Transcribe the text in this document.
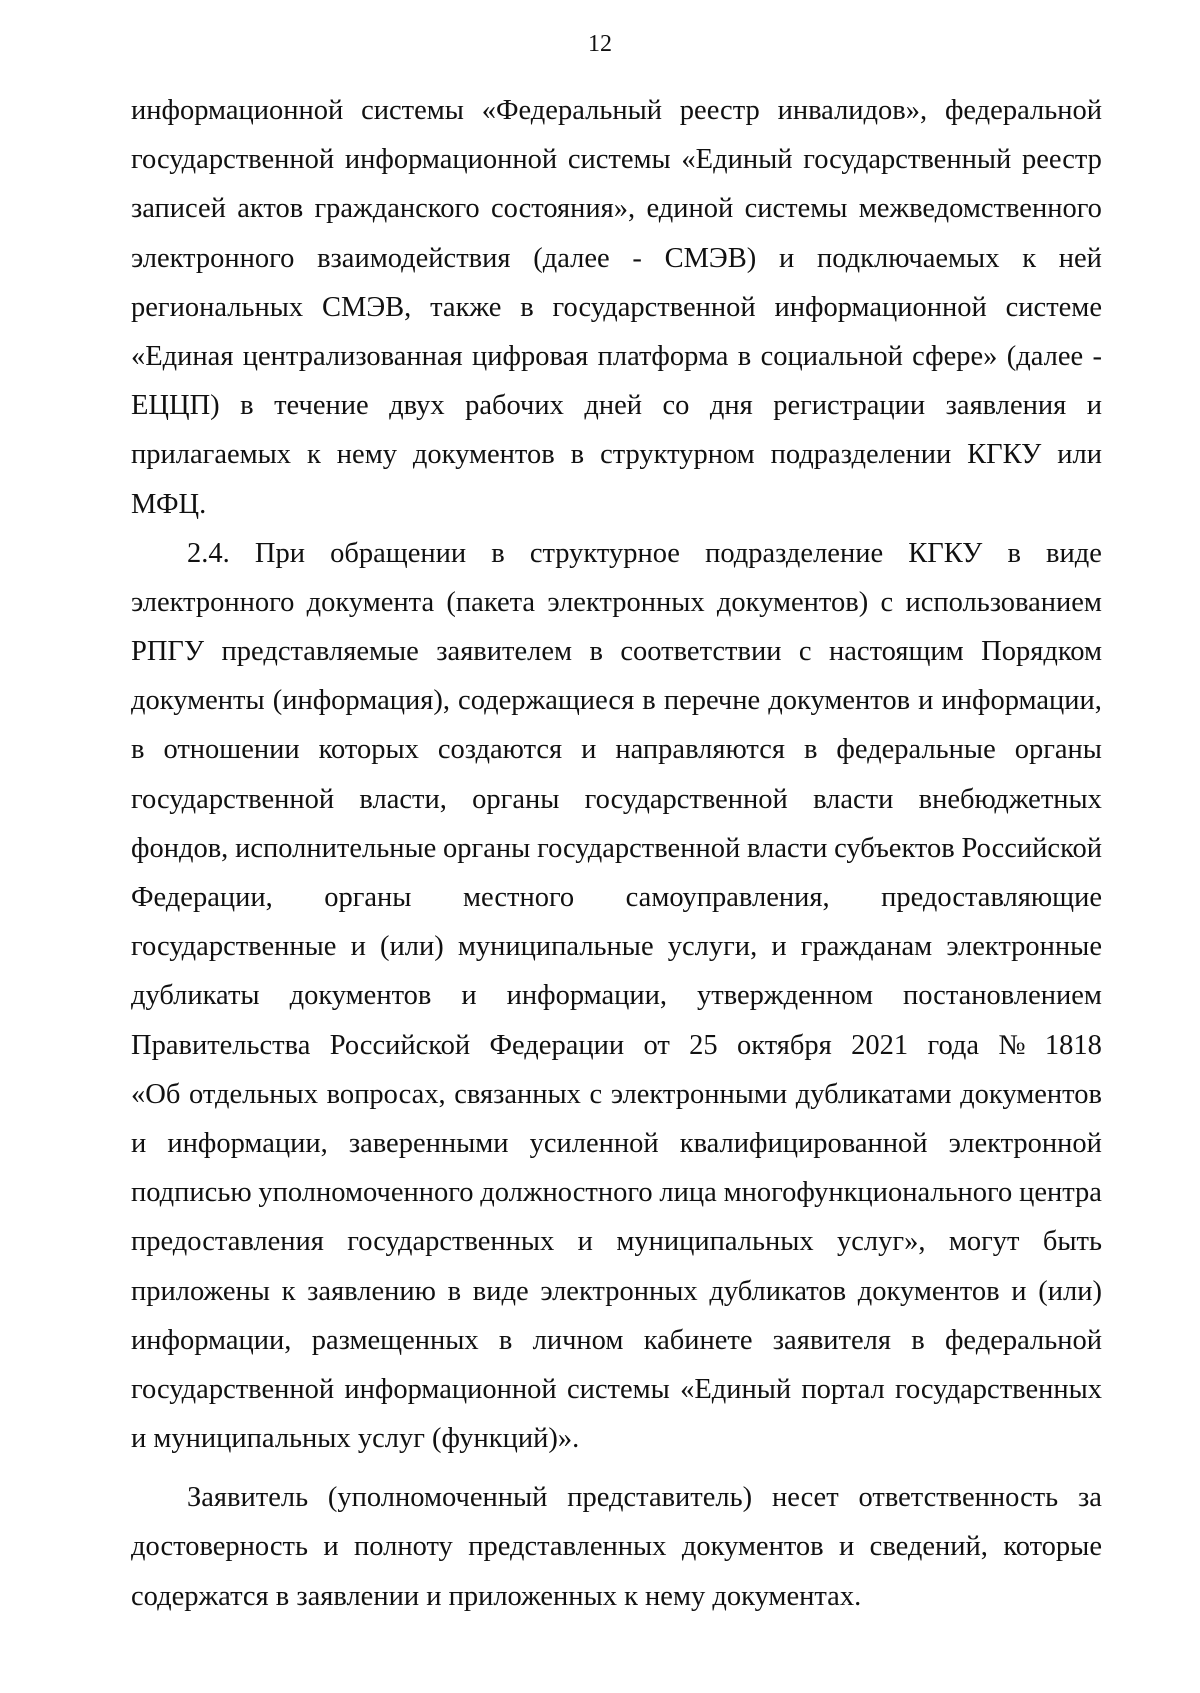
12
информационной системы «Федеральный реестр инвалидов», федеральной
государственной информационной системы «Единый государственный реестр
записей актов гражданского состояния», единой системы межведомственного
электронного взаимодействия (далее - СМЭВ) и подключаемых к ней
региональных СМЭВ, также в государственной информационной системе
«Единая централизованная цифровая платформа в социальной сфере» (далее -
ЕЦЦП) в течение двух рабочих дней со дня регистрации заявления и
прилагаемых к нему документов в структурном подразделении КГКУ или
МФЦ.
2.4. При обращении в структурное подразделение КГКУ в виде
электронного документа (пакета электронных документов) с использованием
РПГУ представляемые заявителем в соответствии с настоящим Порядком
документы (информация), содержащиеся в перечне документов и информации,
в отношении которых создаются и направляются в федеральные органы
государственной власти, органы государственной власти внебюджетных
фондов, исполнительные органы государственной власти субъектов Российской
Федерации, органы местного самоуправления, предоставляющие
государственные и (или) муниципальные услуги, и гражданам электронные
дубликаты документов и информации, утвержденном постановлением
Правительства Российской Федерации от 25 октября 2021 года № 1818
«Об отдельных вопросах, связанных с электронными дубликатами документов
и информации, заверенными усиленной квалифицированной электронной
подписью уполномоченного должностного лица многофункционального центра
предоставления государственных и муниципальных услуг», могут быть
приложены к заявлению в виде электронных дубликатов документов и (или)
информации, размещенных в личном кабинете заявителя в федеральной
государственной информационной системы «Единый портал государственных
и муниципальных услуг (функций)».
Заявитель (уполномоченный представитель) несет ответственность за
достоверность и полноту представленных документов и сведений, которые
содержатся в заявлении и приложенных к нему документах.
